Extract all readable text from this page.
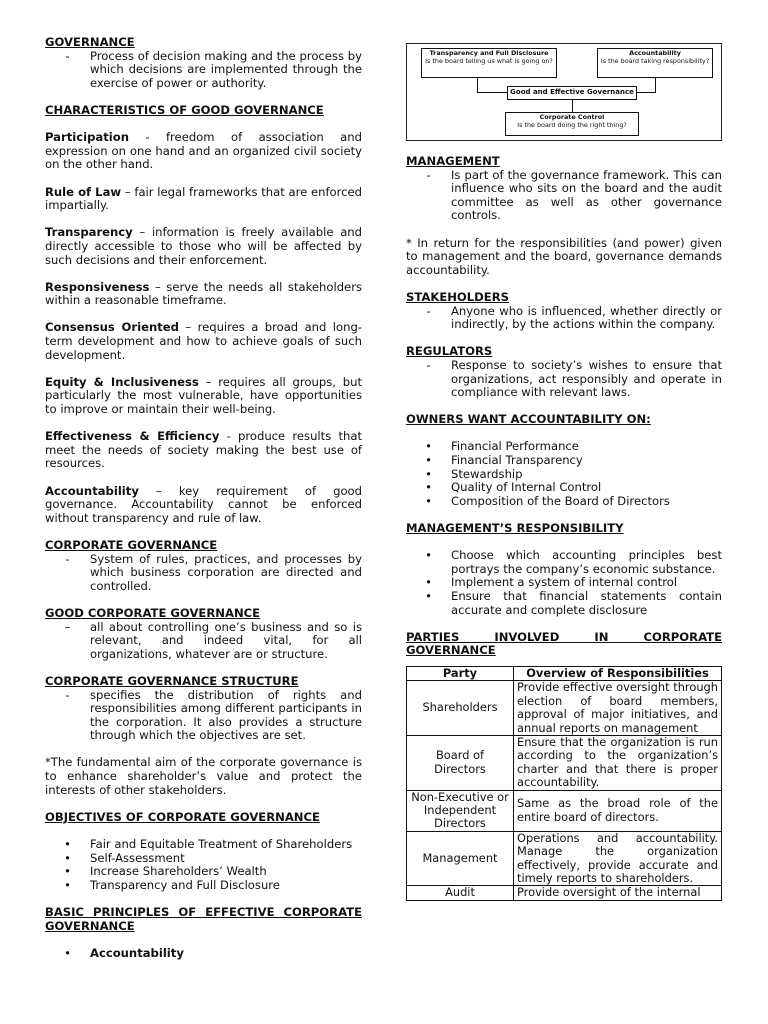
GOVERNANCE

-	Process of decision making and the process by which decisions are implemented through the exercise of power or authority.

CHARACTERISTICS OF GOOD GOVERNANCE

Participation - freedom of association and expression on one hand and an organized civil society on the other hand.

Rule of Law – fair legal frameworks that are enforced impartially.

Transparency – information is freely available and directly accessible to those who will be affected by such decisions and their enforcement.

Responsiveness – serve the needs all stakeholders within a reasonable timeframe.

Consensus Oriented – requires a broad and long-term development and how to achieve goals of such development.

Equity & Inclusiveness – requires all groups, but particularly the most vulnerable, have opportunities to improve or maintain their well-being.

Effectiveness & Efficiency - produce results that meet the needs of society making the best use of resources.

Accountability – key requirement of good governance. Accountability cannot be enforced without transparency and rule of law.

CORPORATE GOVERNANCE

-	System of rules, practices, and processes by which business corporation are directed and controlled.

GOOD CORPORATE GOVERNANCE

–	all about controlling one’s business and so is relevant, and indeed vital, for all organizations, whatever are or structure.

CORPORATE GOVERNANCE STRUCTURE

-	specifies the distribution of rights and responsibilities among different participants in the corporation. It also provides a structure through which the objectives are set.

*The fundamental aim of the corporate governance is to enhance shareholder’s value and protect the interests of other stakeholders.

OBJECTIVES OF CORPORATE GOVERNANCE

•	Fair and Equitable Treatment of Shareholders
•	Self-Assessment
•	Increase Shareholders’ Wealth
•	Transparency and Full Disclosure

BASIC PRINCIPLES OF EFFECTIVE CORPORATE GOVERNANCE

•	Accountability
Transparency and Full Disclosure
Is the board telling us what is going on?
Accountability
Is the board taking responsibility?
Good and Effective Governance
Corporate Control
Is the board doing the right thing?

MANAGEMENT

-	Is part of the governance framework. This can influence who sits on the board and the audit committee as well as other governance controls.

* In return for the responsibilities (and power) given to management and the board, governance demands accountability.

STAKEHOLDERS

-	Anyone who is influenced, whether directly or indirectly, by the actions within the company.

REGULATORS

-	Response to society’s wishes to ensure that organizations, act responsibly and operate in compliance with relevant laws.

OWNERS WANT ACCOUNTABILITY ON:

•	Financial Performance
•	Financial Transparency
•	Stewardship
•	Quality of Internal Control
•	Composition of the Board of Directors

MANAGEMENT’S RESPONSIBILITY

•	Choose which accounting principles best portrays the company’s economic substance.
•	Implement a system of internal control
•	Ensure that financial statements contain accurate and complete disclosure

PARTIES INVOLVED IN CORPORATE GOVERNANCE

Party	Overview of Responsibilities
Shareholders	Provide effective oversight through election of board members, approval of major initiatives, and annual reports on management
Board of Directors	Ensure that the organization is run according to the organization’s charter and that there is proper accountability.
Non-Executive or Independent Directors	Same as the broad role of the entire board of directors.
Management	Operations and accountability. Manage the organization effectively, provide accurate and timely reports to shareholders.
Audit	Provide oversight of the internal
